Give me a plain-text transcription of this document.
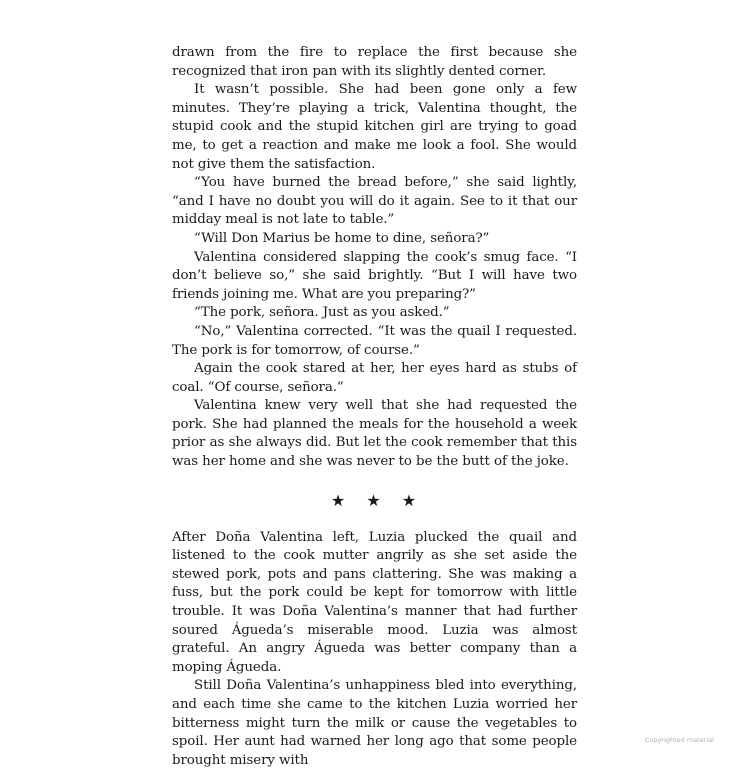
drawn from the fire to replace the first because she recognized that iron pan with its slightly dented corner.

It wasn’t possible. She had been gone only a few minutes. They’re playing a trick, Valentina thought, the stupid cook and the stupid kitchen girl are trying to goad me, to get a reaction and make me look a fool. She would not give them the satisfaction.

“You have burned the bread before,” she said lightly, “and I have no doubt you will do it again. See to it that our midday meal is not late to table.”

“Will Don Marius be home to dine, señora?”

Valentina considered slapping the cook’s smug face. “I don’t believe so,” she said brightly. “But I will have two friends joining me. What are you preparing?”

“The pork, señora. Just as you asked.”

“No,” Valentina corrected. “It was the quail I requested. The pork is for tomorrow, of course.”

Again the cook stared at her, her eyes hard as stubs of coal. “Of course, señora.”

Valentina knew very well that she had requested the pork. She had planned the meals for the household a week prior as she always did. But let the cook remember that this was her home and she was never to be the butt of the joke.

★ ★ ★

After Doña Valentina left, Luzia plucked the quail and listened to the cook mutter angrily as she set aside the stewed pork, pots and pans clattering. She was making a fuss, but the pork could be kept for tomorrow with little trouble. It was Doña Valentina’s manner that had further soured Águeda’s miserable mood. Luzia was almost grateful. An angry Águeda was better company than a moping Águeda.

Still Doña Valentina’s unhappiness bled into everything, and each time she came to the kitchen Luzia worried her bitterness might turn the milk or cause the vegetables to spoil. Her aunt had warned her long ago that some people brought misery with

Copyrighted material
